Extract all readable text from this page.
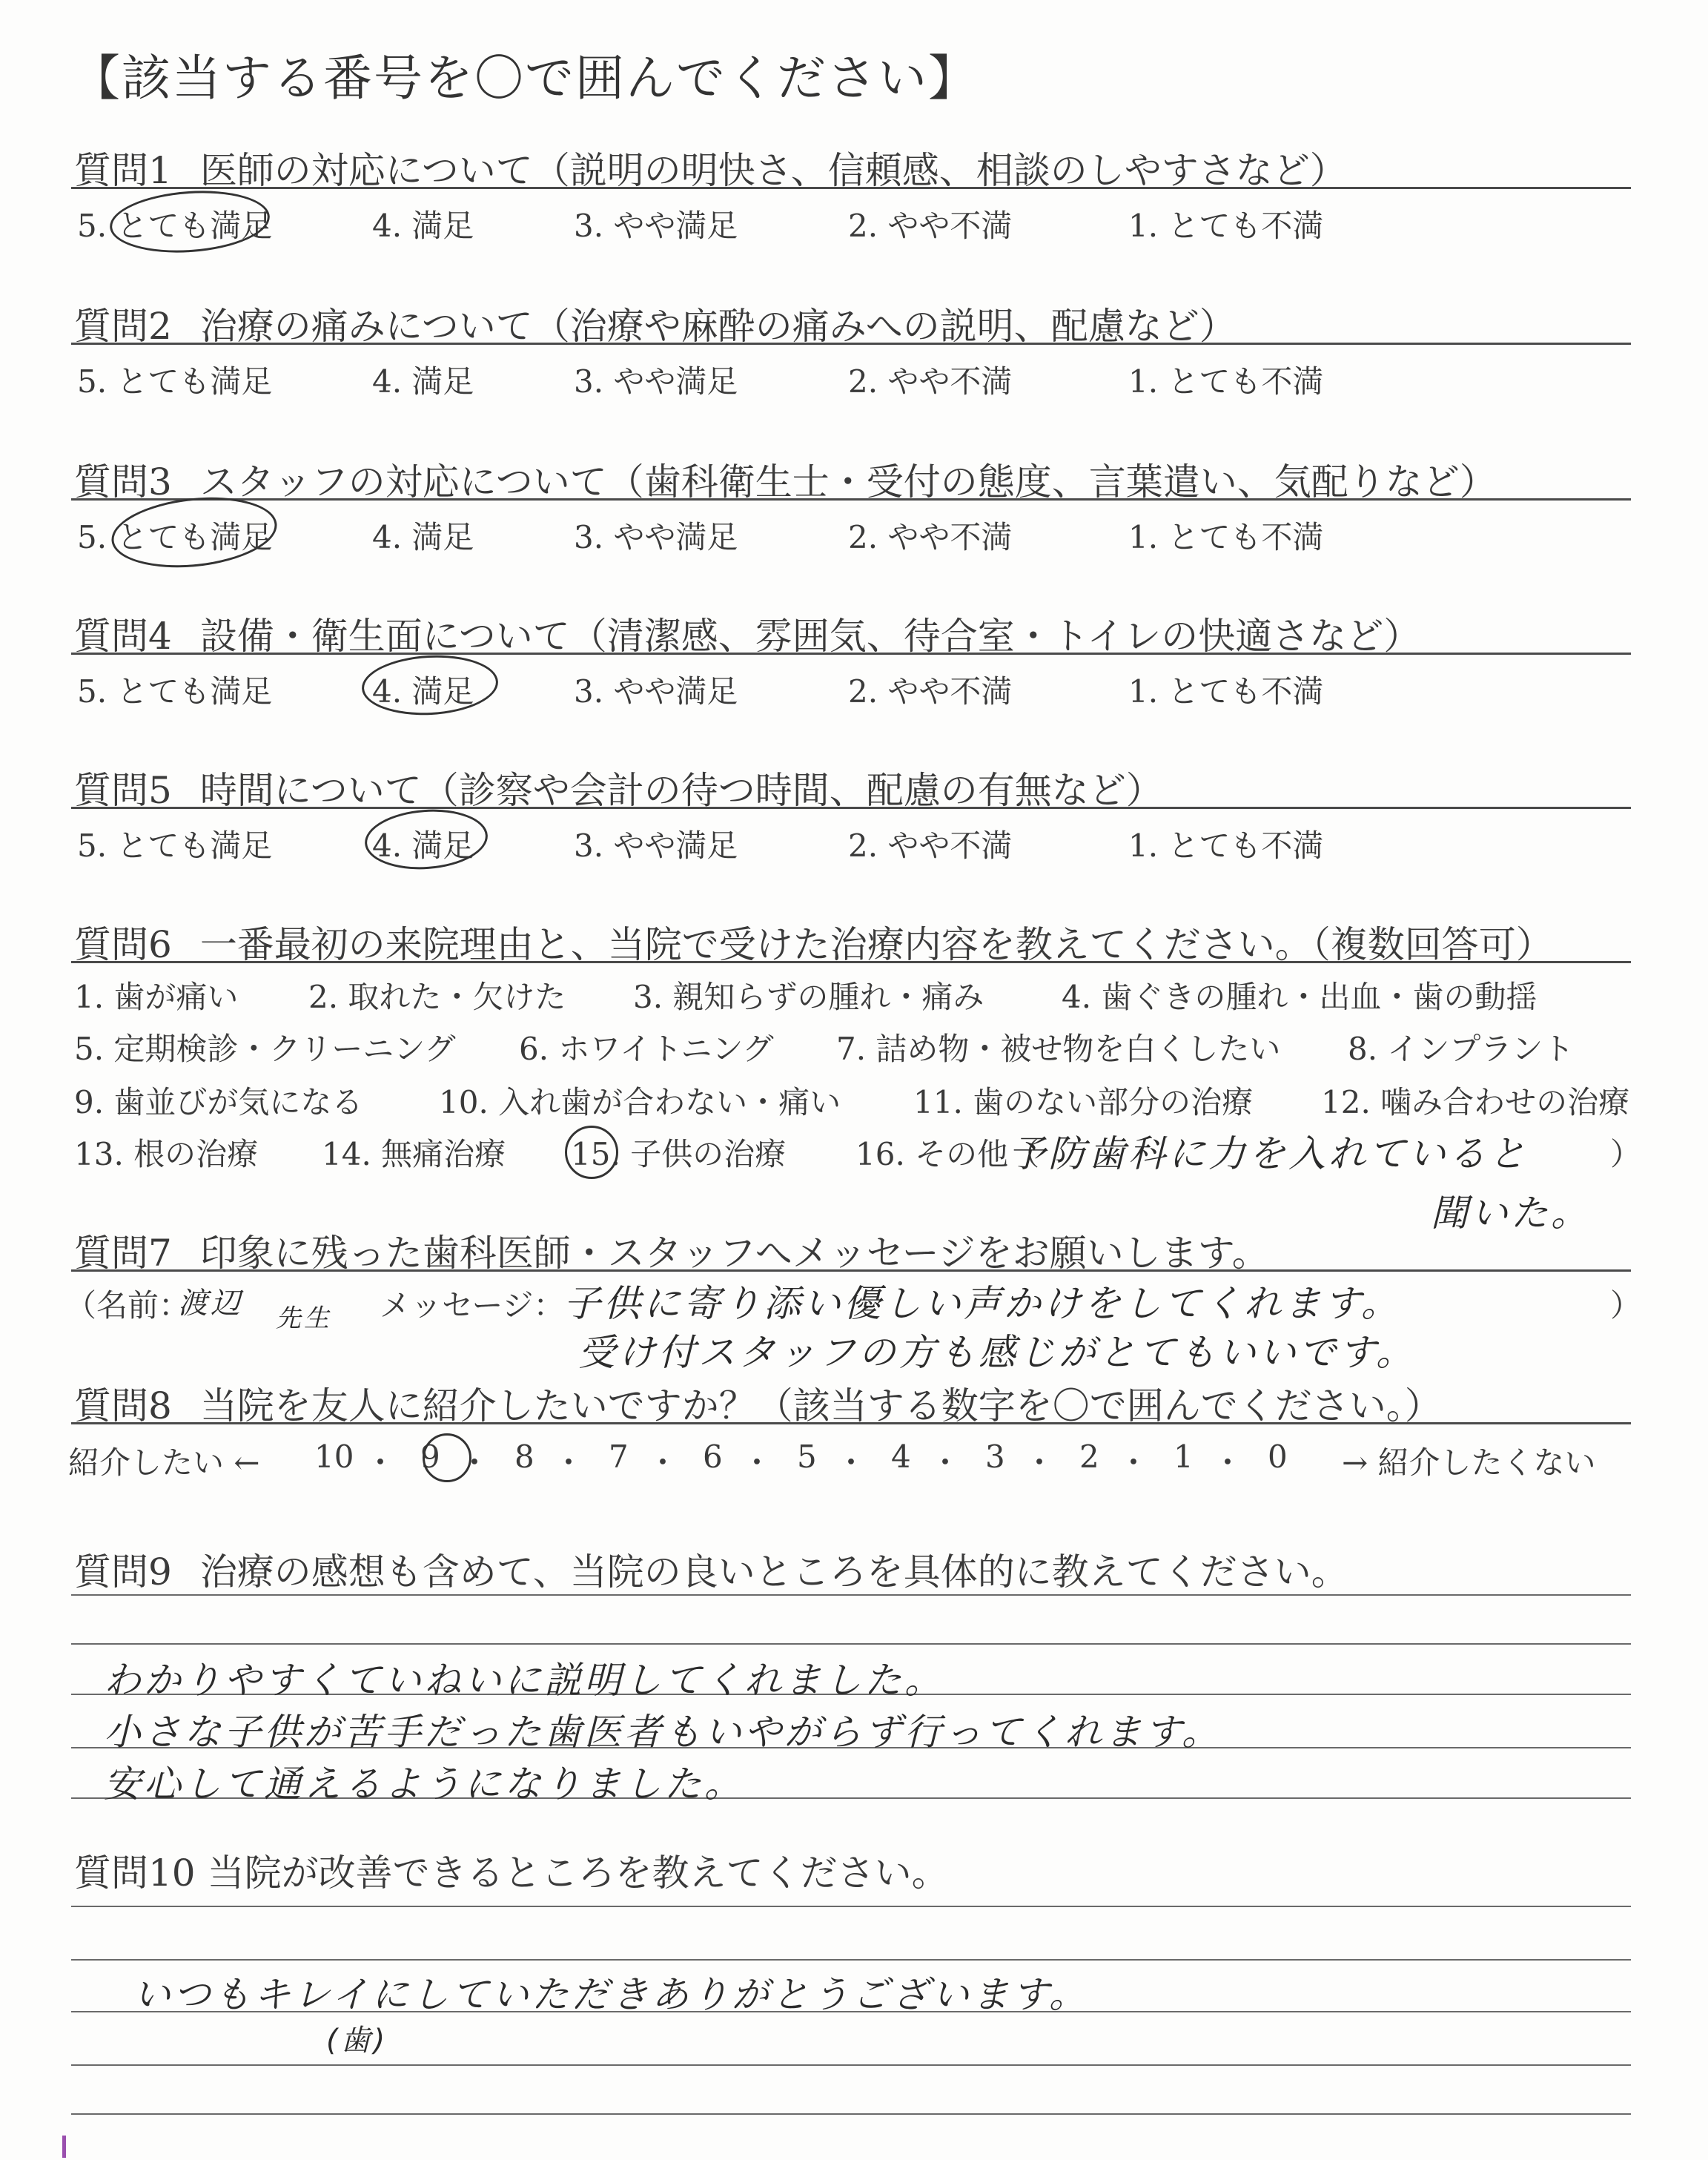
【該当する番号を〇で囲んでください】
質問1 医師の対応について（説明の明快さ、信頼感、相談のしやすさなど）
5. とても満足	4. 満足	3. やや満足	2. やや不満	1. とても不満
質問2 治療の痛みについて（治療や麻酔の痛みへの説明、配慮など）
5. とても満足	4. 満足	3. やや満足	2. やや不満	1. とても不満
質問3 スタッフの対応について（歯科衛生士・受付の態度、言葉遣い、気配りなど）
5. とても満足	4. 満足	3. やや満足	2. やや不満	1. とても不満
質問4 設備・衛生面について（清潔感、雰囲気、待合室・トイレの快適さなど）
5. とても満足	4. 満足	3. やや満足	2. やや不満	1. とても不満
質問5 時間について（診察や会計の待つ時間、配慮の有無など）
5. とても満足	4. 満足	3. やや満足	2. やや不満	1. とても不満
質問6 一番最初の来院理由と、当院で受けた治療内容を教えてください。（複数回答可）
1. 歯が痛い 2. 取れた・欠けた 3. 親知らずの腫れ・痛み 4. 歯ぐきの腫れ・出血・歯の動揺
5. 定期検診・クリーニング 6. ホワイトニング 7. 詰め物・被せ物を白くしたい 8. インプラント
9. 歯並びが気になる 10. 入れ歯が合わない・痛い 11. 歯のない部分の治療 12. 噛み合わせの治療
13. 根の治療 14. 無痛治療 15. 子供の治療 16. その他（	）
予防歯科に力を入れていると
聞いた。
質問7 印象に残った歯科医師・スタッフへメッセージをお願いします。
（名前：
渡辺 先生 メッセージ：	）
子供に寄り添い優しい声かけをしてくれます。
受け付スタッフの方も感じがとてもいいです。
質問8 当院を友人に紹介したいですか？（該当する数字を〇で囲んでください。）
紹介したい ←	→ 紹介したくない
10 ・ 9 ・ 8 ・ 7 ・ 6 ・ 5 ・ 4 ・ 3 ・ 2 ・ 1 ・ 0
質問9 治療の感想も含めて、当院の良いところを具体的に教えてください。
わかりやすくていねいに説明してくれました。
小さな子供が苦手だった歯医者もいやがらず行ってくれます。
安心して通えるようになりました。
質問10 当院が改善できるところを教えてください。
いつもキレイにしていただきありがとうございます。
(歯)
